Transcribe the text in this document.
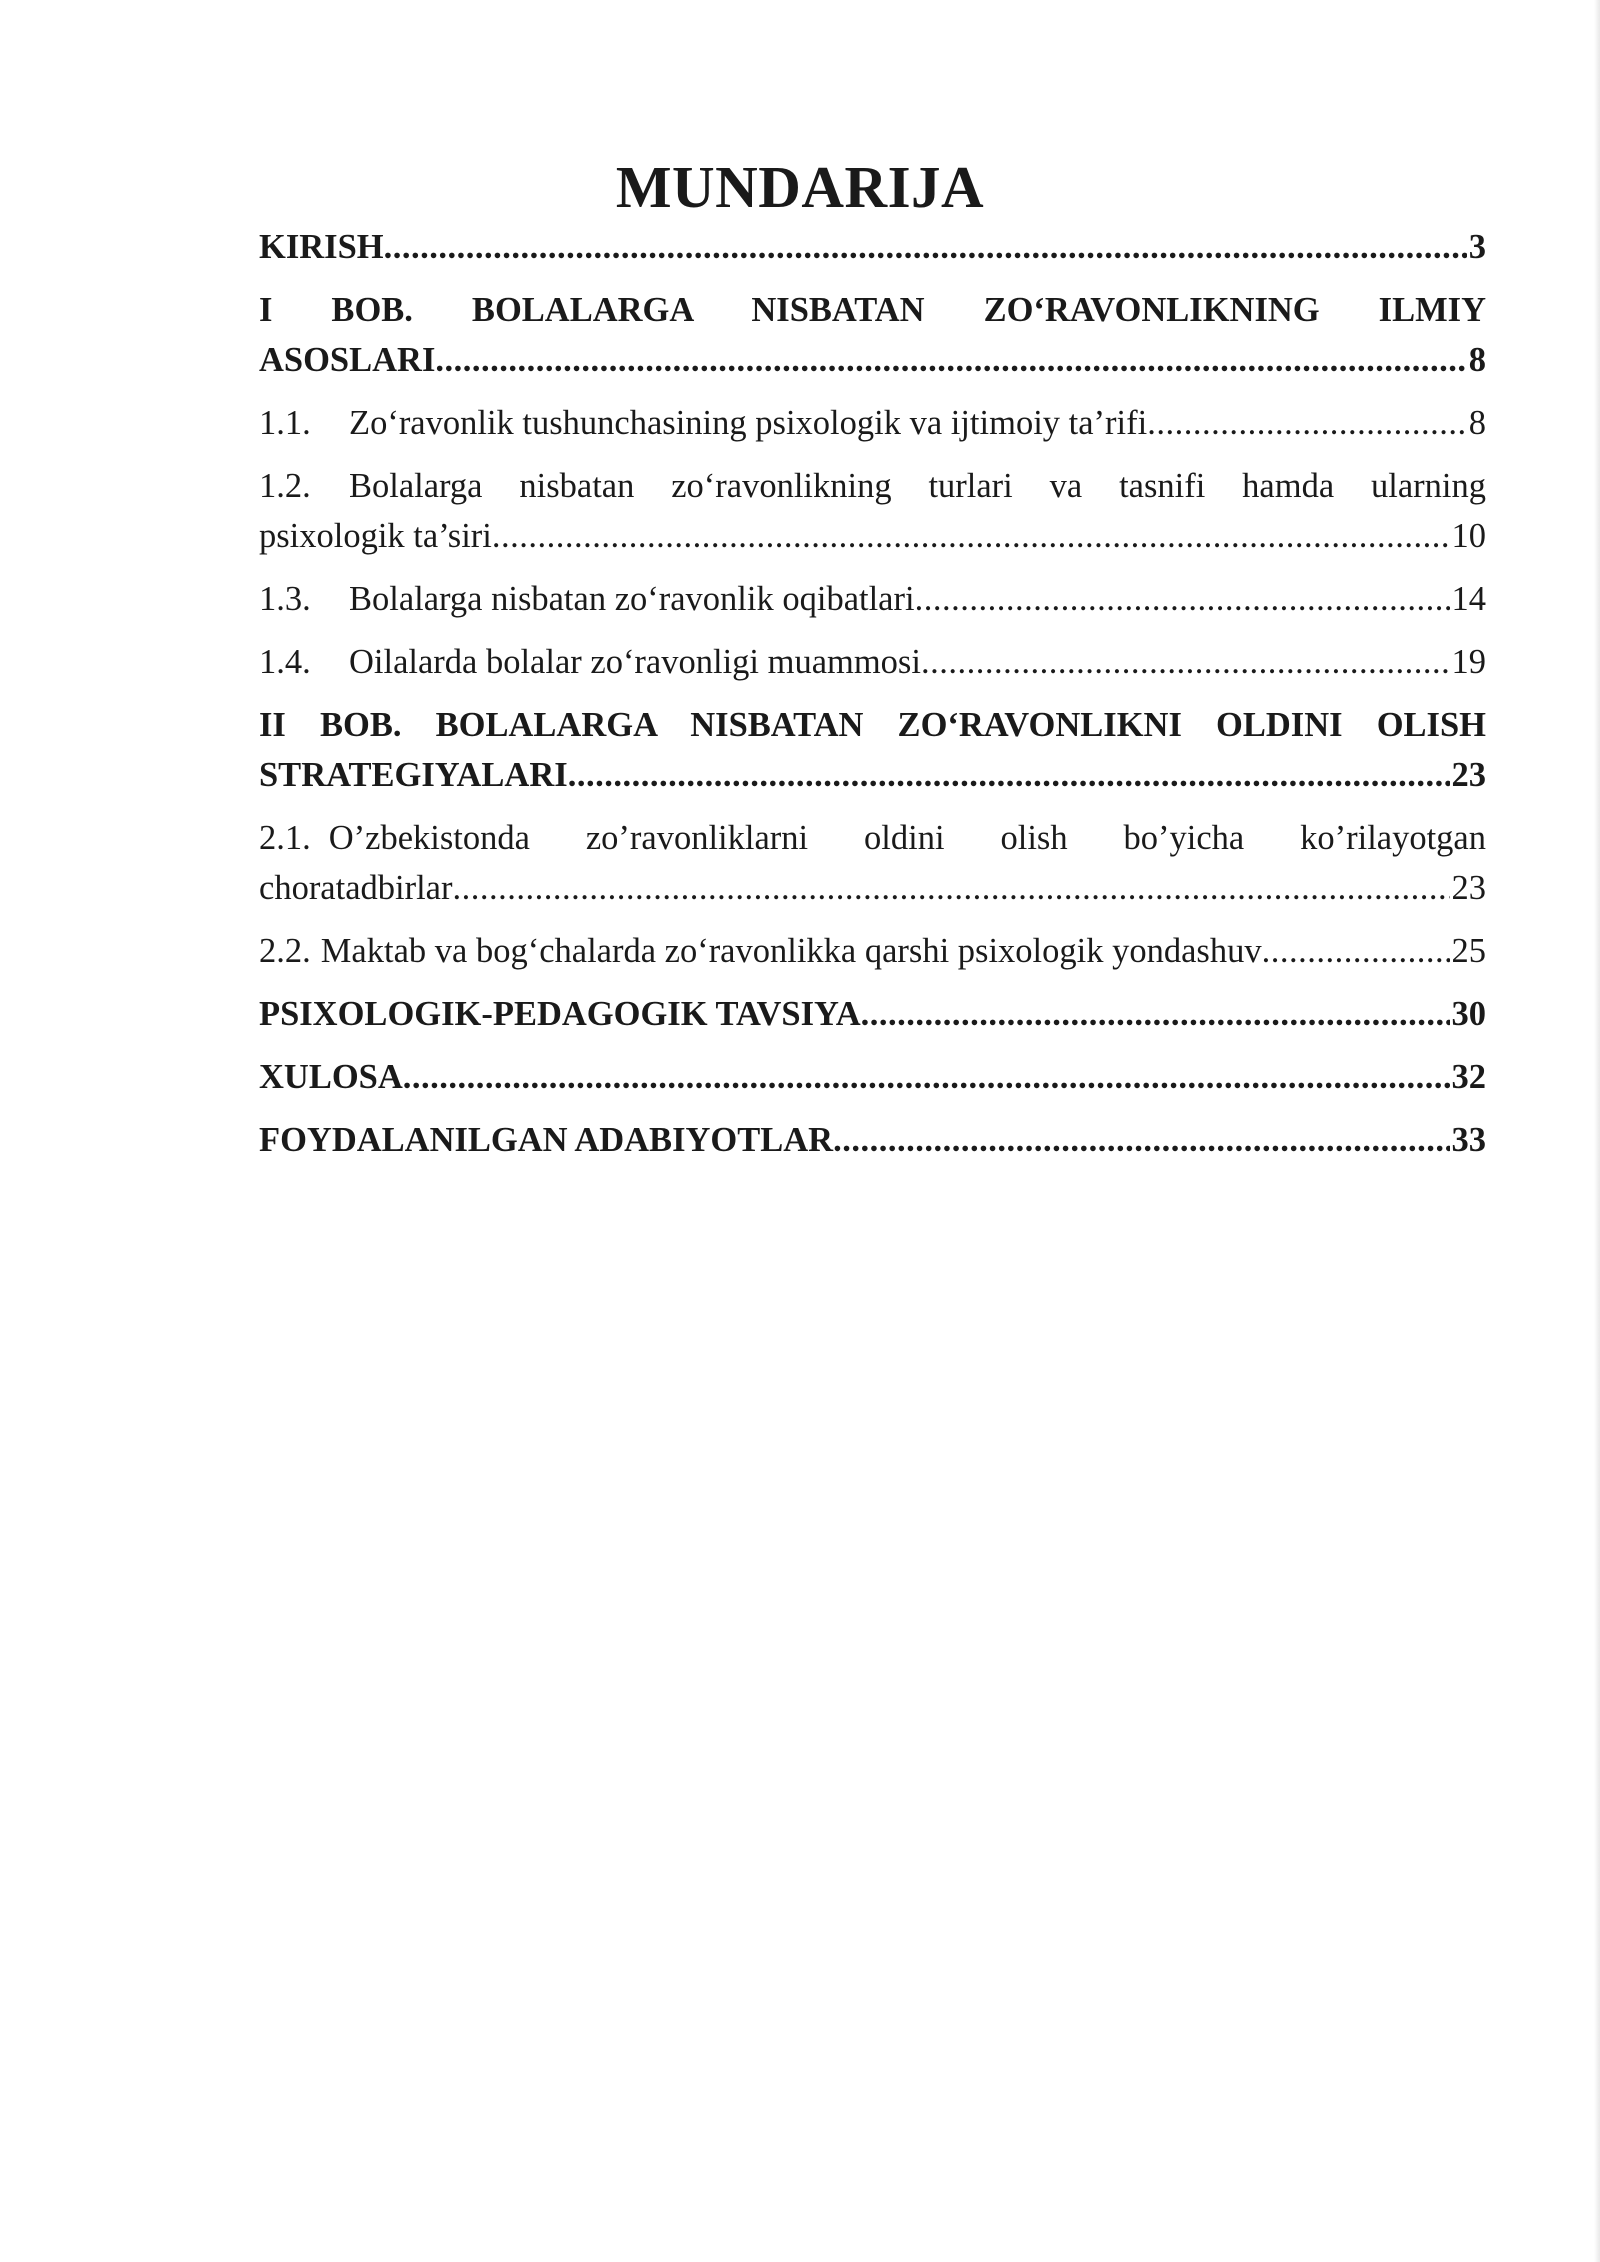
MUNDARIJA
KIRISH .....	3
I BOB. BOLALARGA NISBATAN ZO‘RAVONLIKNING ILMIY
ASOSLARI .....	8
1.1.	Zo‘ravonlik tushunchasining psixologik va ijtimoiy ta’rifi .....	8
1.2.	Bolalarga nisbatan zo‘ravonlikning turlari va tasnifi hamda ularning
psixologik ta’siri .....	10
1.3.	Bolalarga nisbatan zo‘ravonlik oqibatlari .....	14
1.4.	Oilalarda bolalar zo‘ravonligi muammosi .....	19
II BOB. BOLALARGA NISBATAN ZO‘RAVONLIKNI OLDINI OLISH
STRATEGIYALARI .....	23
2.1. O’zbekistonda zo’ravonliklarni oldini olish bo’yicha ko’rilayotgan
choratadbirlar .....	23
2.2. Maktab va bog‘chalarda zo‘ravonlikka qarshi psixologik yondashuv .....	25
PSIXOLOGIK-PEDAGOGIK TAVSIYA .....	30
XULOSA .....	32
FOYDALANILGAN ADABIYOTLAR .....	33
